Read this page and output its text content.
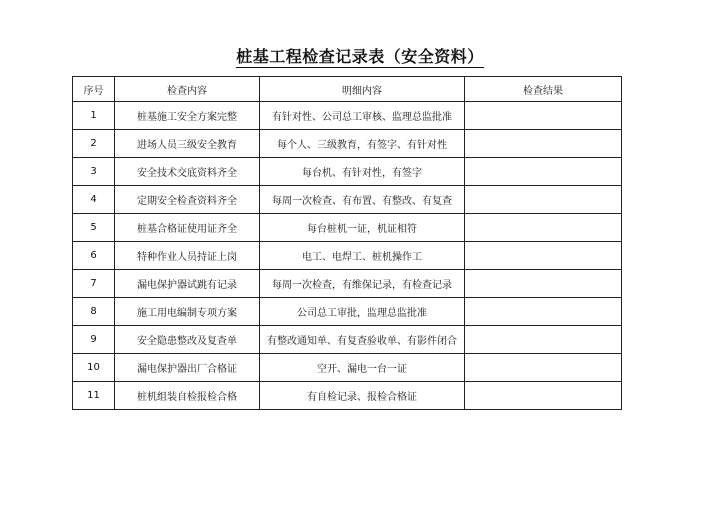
桩基工程检查记录表（安全资料）
序号	检查内容	明细内容	检查结果
1	桩基施工安全方案完整	有针对性、公司总工审核、监理总监批准	
2	进场人员三级安全教育	每个人、三级教育，有签字、有针对性	
3	安全技术交底资料齐全	每台机、有针对性，有签字	
4	定期安全检查资料齐全	每周一次检查、有布置、有整改、有复查	
5	桩基合格证使用证齐全	每台桩机一证，机证相符	
6	特种作业人员持证上岗	电工、电焊工、桩机操作工	
7	漏电保护器试跳有记录	每周一次检查，有维保记录，有检查记录	
8	施工用电编制专项方案	公司总工审批，监理总监批准	
9	安全隐患整改及复查单	有整改通知单、有复查验收单、有影件闭合	
10	漏电保护器出厂合格证	空开、漏电一台一证	
11	桩机组装自检报检合格	有自检记录、报检合格证	
